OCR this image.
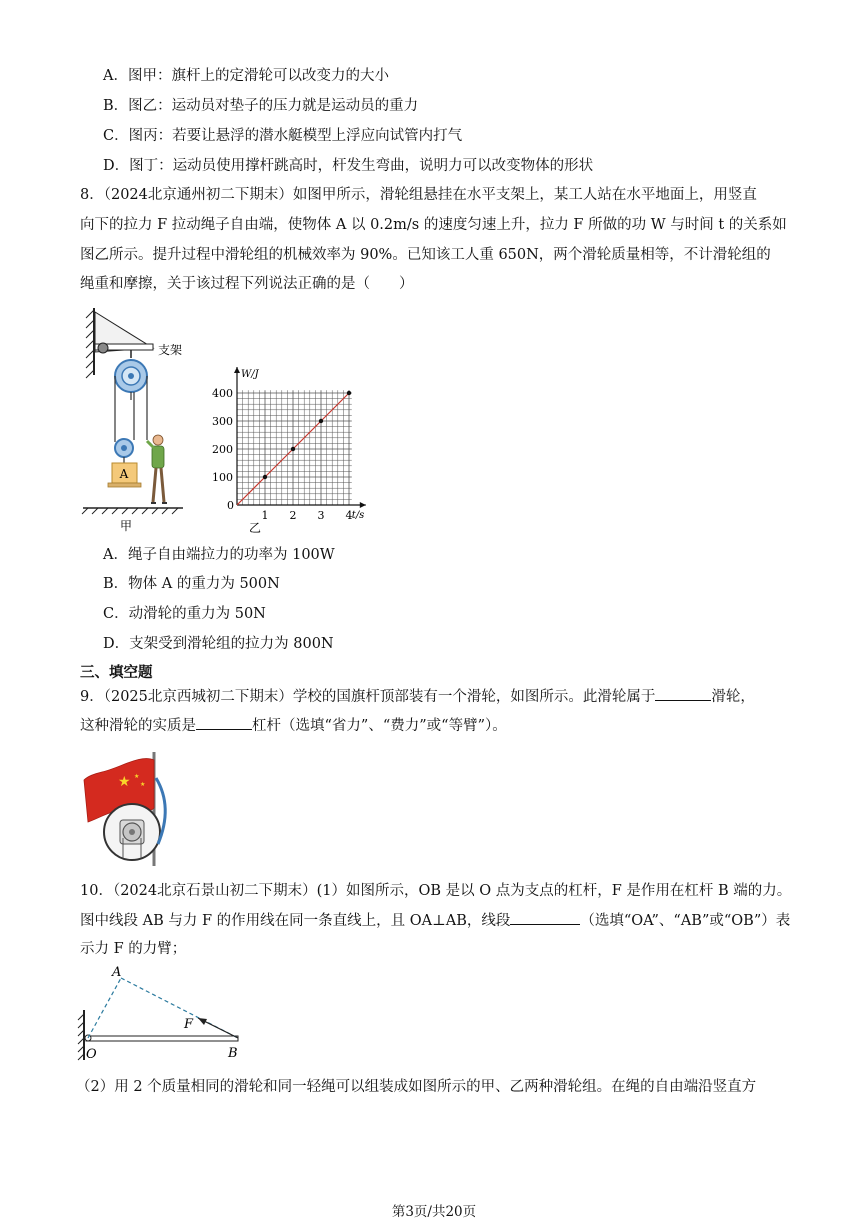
A．图甲：旗杆上的定滑轮可以改变力的大小
B．图乙：运动员对垫子的压力就是运动员的重力
C．图丙：若要让悬浮的潜水艇模型上浮应向试管内打气
D．图丁：运动员使用撑杆跳高时，杆发生弯曲，说明力可以改变物体的形状
8．（2024北京通州初二下期末）如图甲所示，滑轮组悬挂在水平支架上，某工人站在水平地面上，用竖直
向下的拉力 F 拉动绳子自由端，使物体 A 以 0.2m/s 的速度匀速上升，拉力 F 所做的功 W 与时间 t 的关系如
图乙所示。提升过程中滑轮组的机械效率为 90%。已知该工人重 650N，两个滑轮质量相等，不计滑轮组的
绳重和摩擦，关于该过程下列说法正确的是（　　）
支架
A
甲
W/J
t/s
0
1 2 3 4
100
200
300
400
乙
A．绳子自由端拉力的功率为 100W
B．物体 A 的重力为 500N
C．动滑轮的重力为 50N
D．支架受到滑轮组的拉力为 800N
三、填空题
9．（2025北京西城初二下期末）学校的国旗杆顶部装有一个滑轮，如图所示。此滑轮属于	滑轮，
这种滑轮的实质是	杠杆（选填“省力”、“费力”或“等臂”）。
★ ★
★
10．（2024北京石景山初二下期末）(1）如图所示，OB 是以 O 点为支点的杠杆，F 是作用在杠杆 B 端的力。
图中线段 AB 与力 F 的作用线在同一条直线上，且 OA⊥AB，线段	（选填“OA”、“AB”或“OB”）表
示力 F 的力臂；
A
F
O	B
（2）用 2 个质量相同的滑轮和同一轻绳可以组装成如图所示的甲、乙两种滑轮组。在绳的自由端沿竖直方
第3页/共20页
